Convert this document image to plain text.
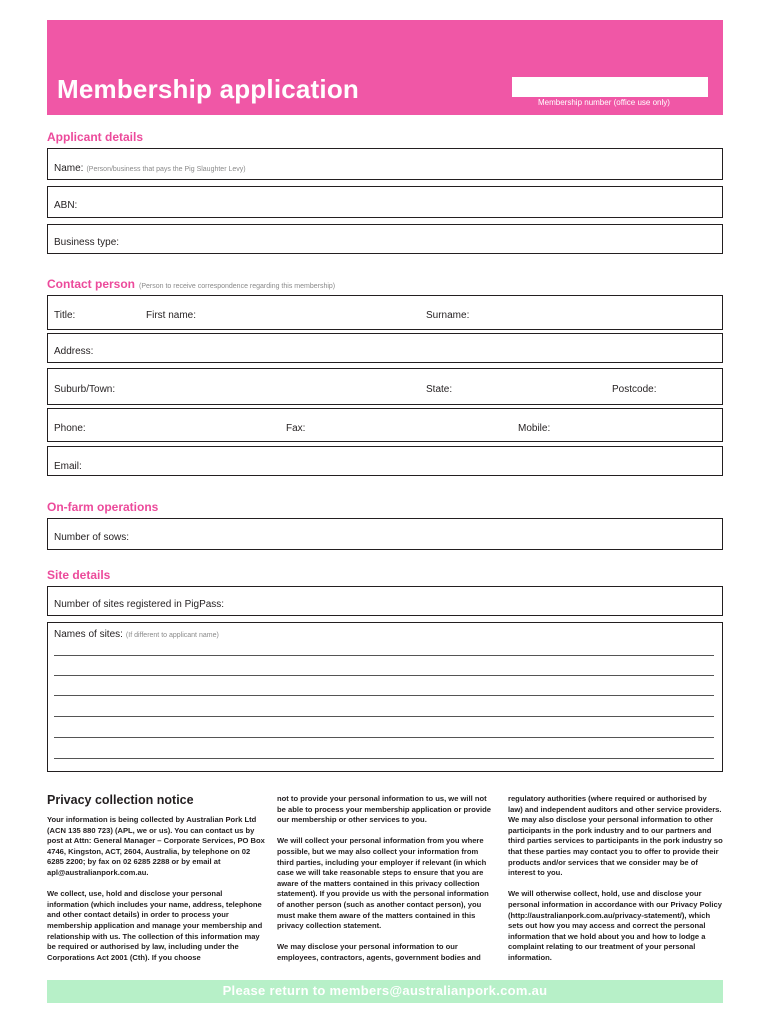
Membership application	Membership number (office use only)
Applicant details
Name: (Person/business that pays the Pig Slaughter Levy)
ABN:
Business type:
Contact person (Person to receive correspondence regarding this membership)
Title:	First name:	Surname:
Address:
Suburb/Town:	State:	Postcode:
Phone:	Fax:	Mobile:
Email:
On-farm operations
Number of sows:
Site details
Number of sites registered in PigPass:
Names of sites: (If different to applicant name)
Privacy collection notice

Your information is being collected by Australian Pork Ltd (ACN 135 880 723) (APL, we or us). You can contact us by post at Attn: General Manager – Corporate Services, PO Box 4746, Kingston, ACT, 2604, Australia, by telephone on 02 6285 2200; by fax on 02 6285 2288 or by email at apl@australianpork.com.au.

We collect, use, hold and disclose your personal information (which includes your name, address, telephone and other contact details) in order to process your membership application and manage your membership and relationship with us. The collection of this information may be required or authorised by law, including under the Corporations Act 2001 (Cth). If you choose

not to provide your personal information to us, we will not be able to process your membership application or provide our membership or other services to you.

We will collect your personal information from you where possible, but we may also collect your information from third parties, including your employer if relevant (in which case we will take reasonable steps to ensure that you are aware of the matters contained in this privacy collection statement). If you provide us with the personal information of another person (such as another contact person), you must make them aware of the matters contained in this privacy collection statement.

We may disclose your personal information to our employees, contractors, agents, government bodies and

regulatory authorities (where required or authorised by law) and independent auditors and other service providers. We may also disclose your personal information to other participants in the pork industry and to our partners and third parties services to participants in the pork industry so that these parties may contact you to offer to provide their products and/or services that we consider may be of interest to you.

We will otherwise collect, hold, use and disclose your personal information in accordance with our Privacy Policy (http://australianpork.com.au/privacy-statement/), which sets out how you may access and correct the personal information that we hold about you and how to lodge a complaint relating to our treatment of your personal information.

Please return to members@australianpork.com.au
